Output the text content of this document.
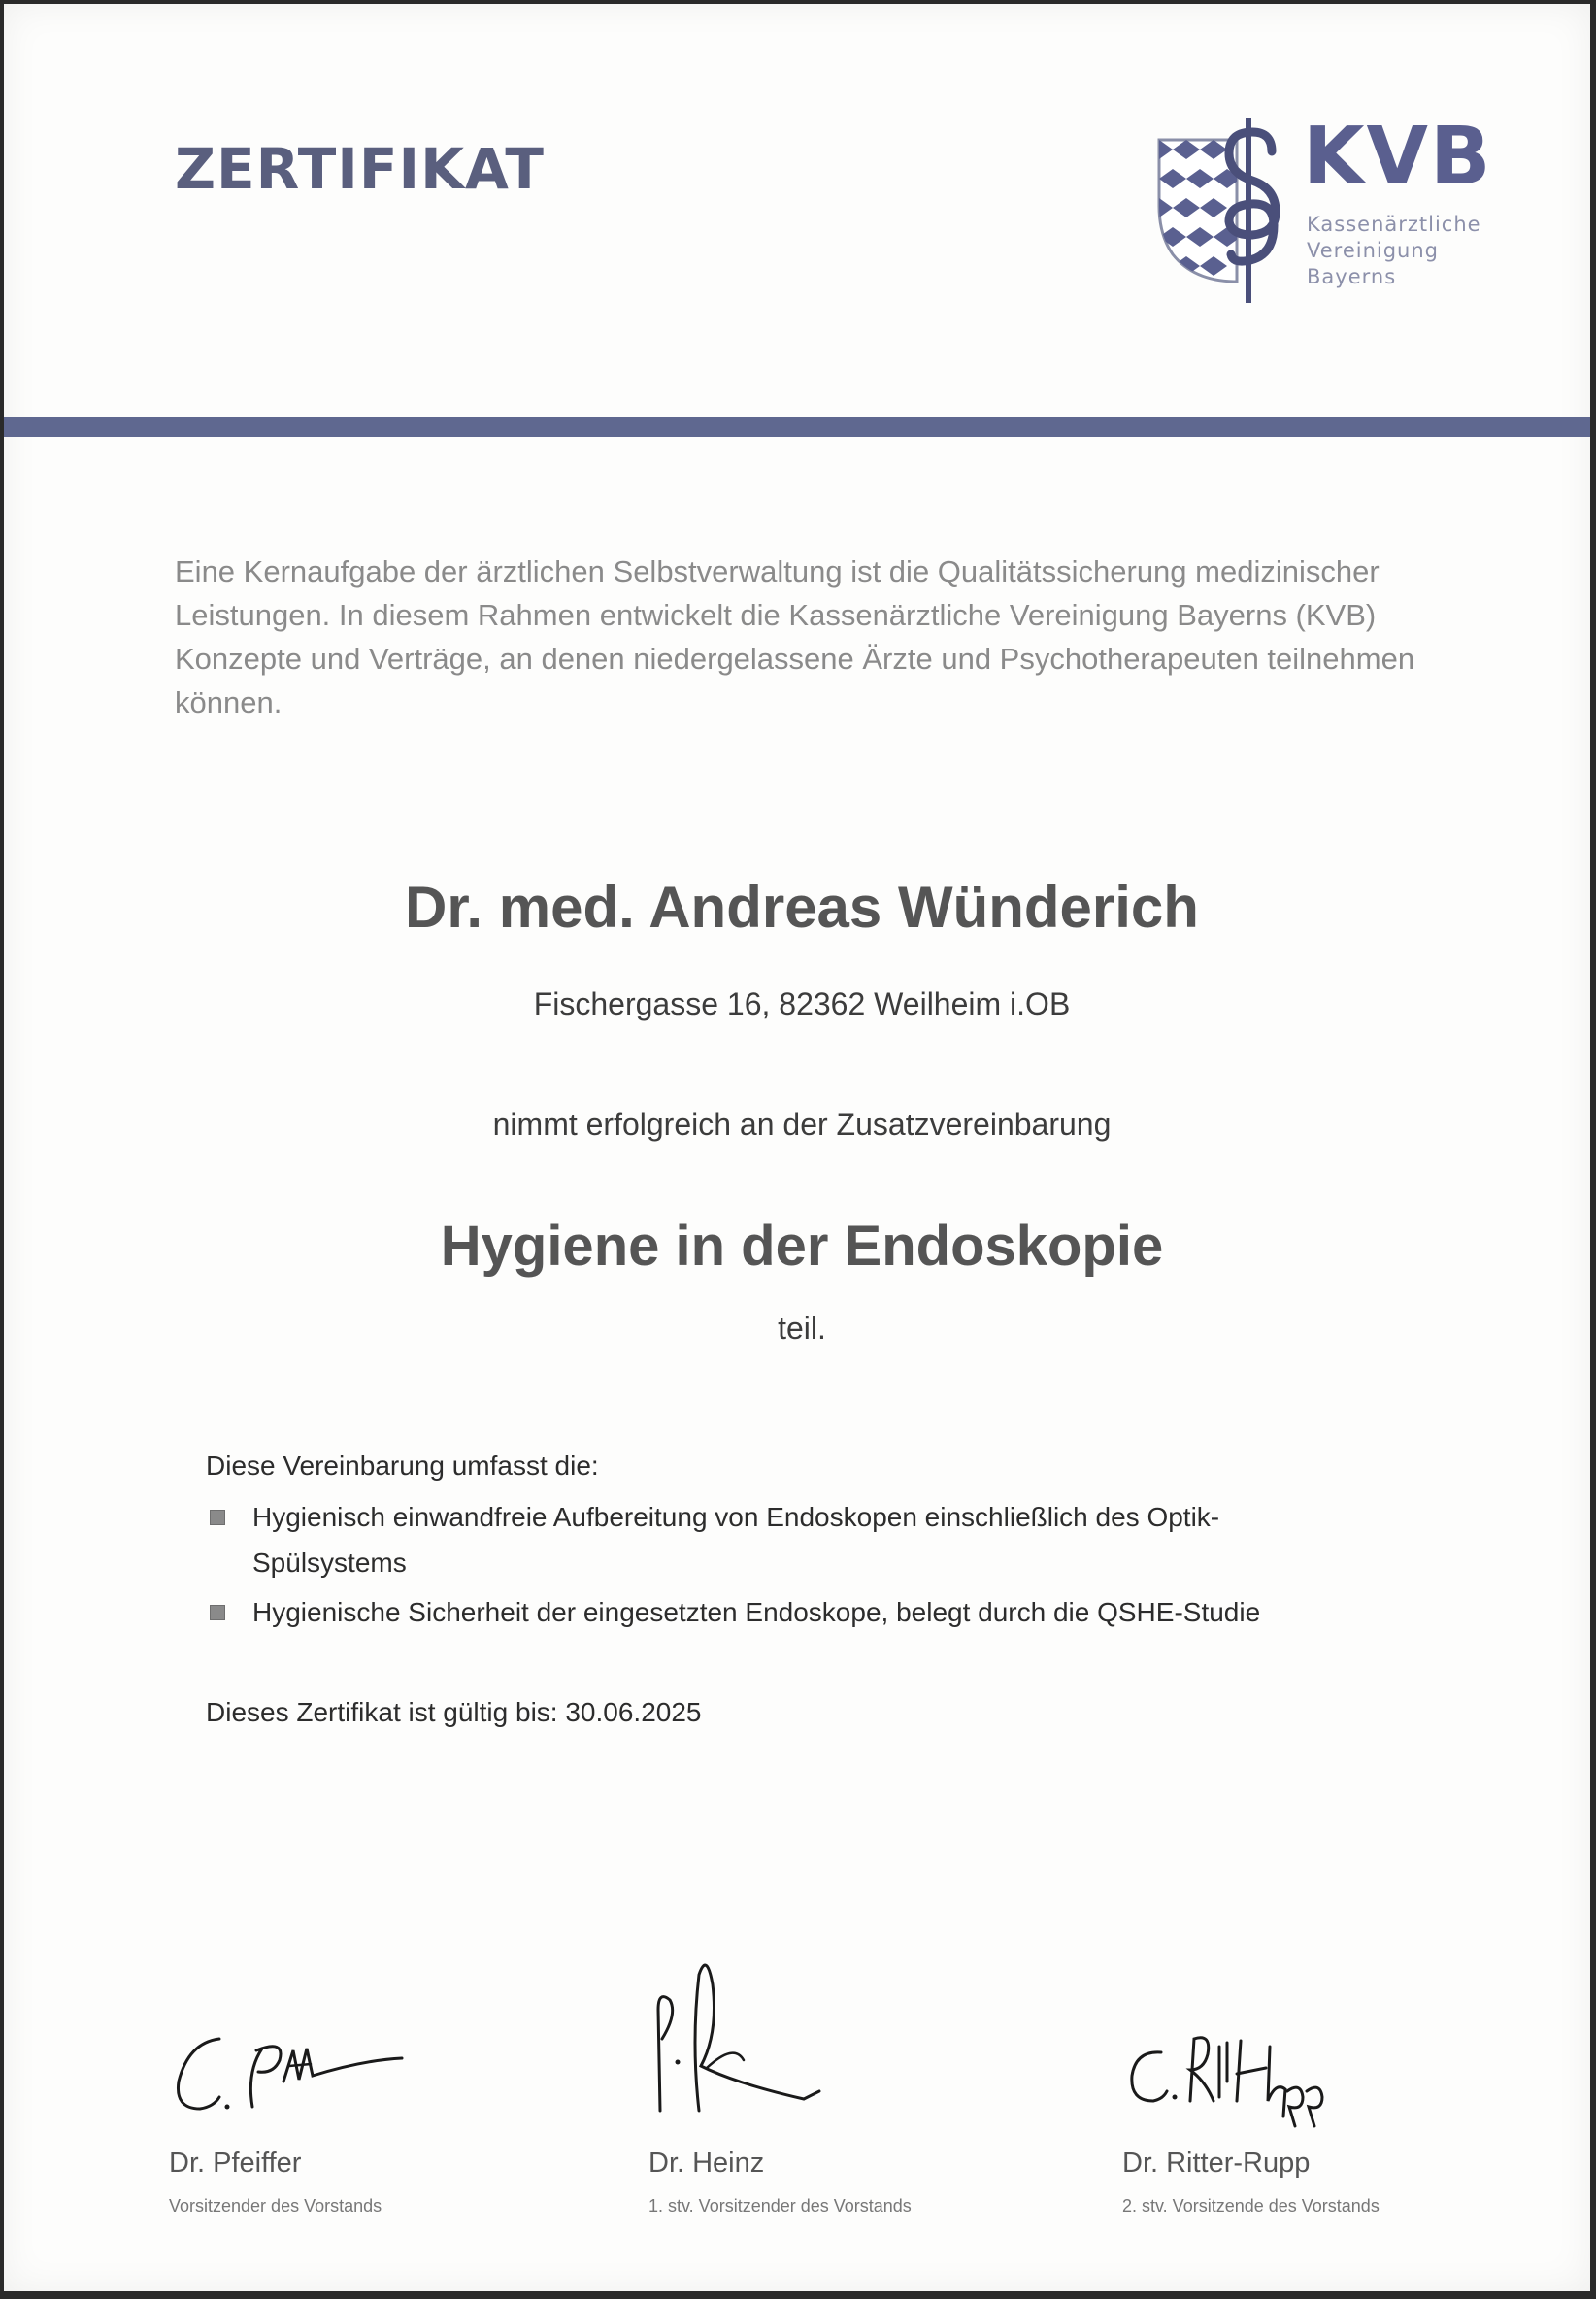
ZERTIFIKAT	KVB
Kassenärztliche
Vereinigung
Bayerns

Eine Kernaufgabe der ärztlichen Selbstverwaltung ist die Qualitätssicherung medizinischer Leistungen. In diesem Rahmen entwickelt die Kassenärztliche Vereinigung Bayerns (KVB) Konzepte und Verträge, an denen niedergelassene Ärzte und Psychotherapeuten teilnehmen können.

Dr. med. Andreas Wünderich
Fischergasse 16, 82362 Weilheim i.OB
nimmt erfolgreich an der Zusatzvereinbarung
Hygiene in der Endoskopie
teil.
Diese Vereinbarung umfasst die:
Hygienisch einwandfreie Aufbereitung von Endoskopen einschließlich des Optik-Spülsystems
Hygienische Sicherheit der eingesetzten Endoskope, belegt durch die QSHE-Studie
Dieses Zertifikat ist gültig bis: 30.06.2025
Dr. Pfeiffer
Vorsitzender des Vorstands
Dr. Heinz
1. stv. Vorsitzender des Vorstands
Dr. Ritter-Rupp
2. stv. Vorsitzende des Vorstands
